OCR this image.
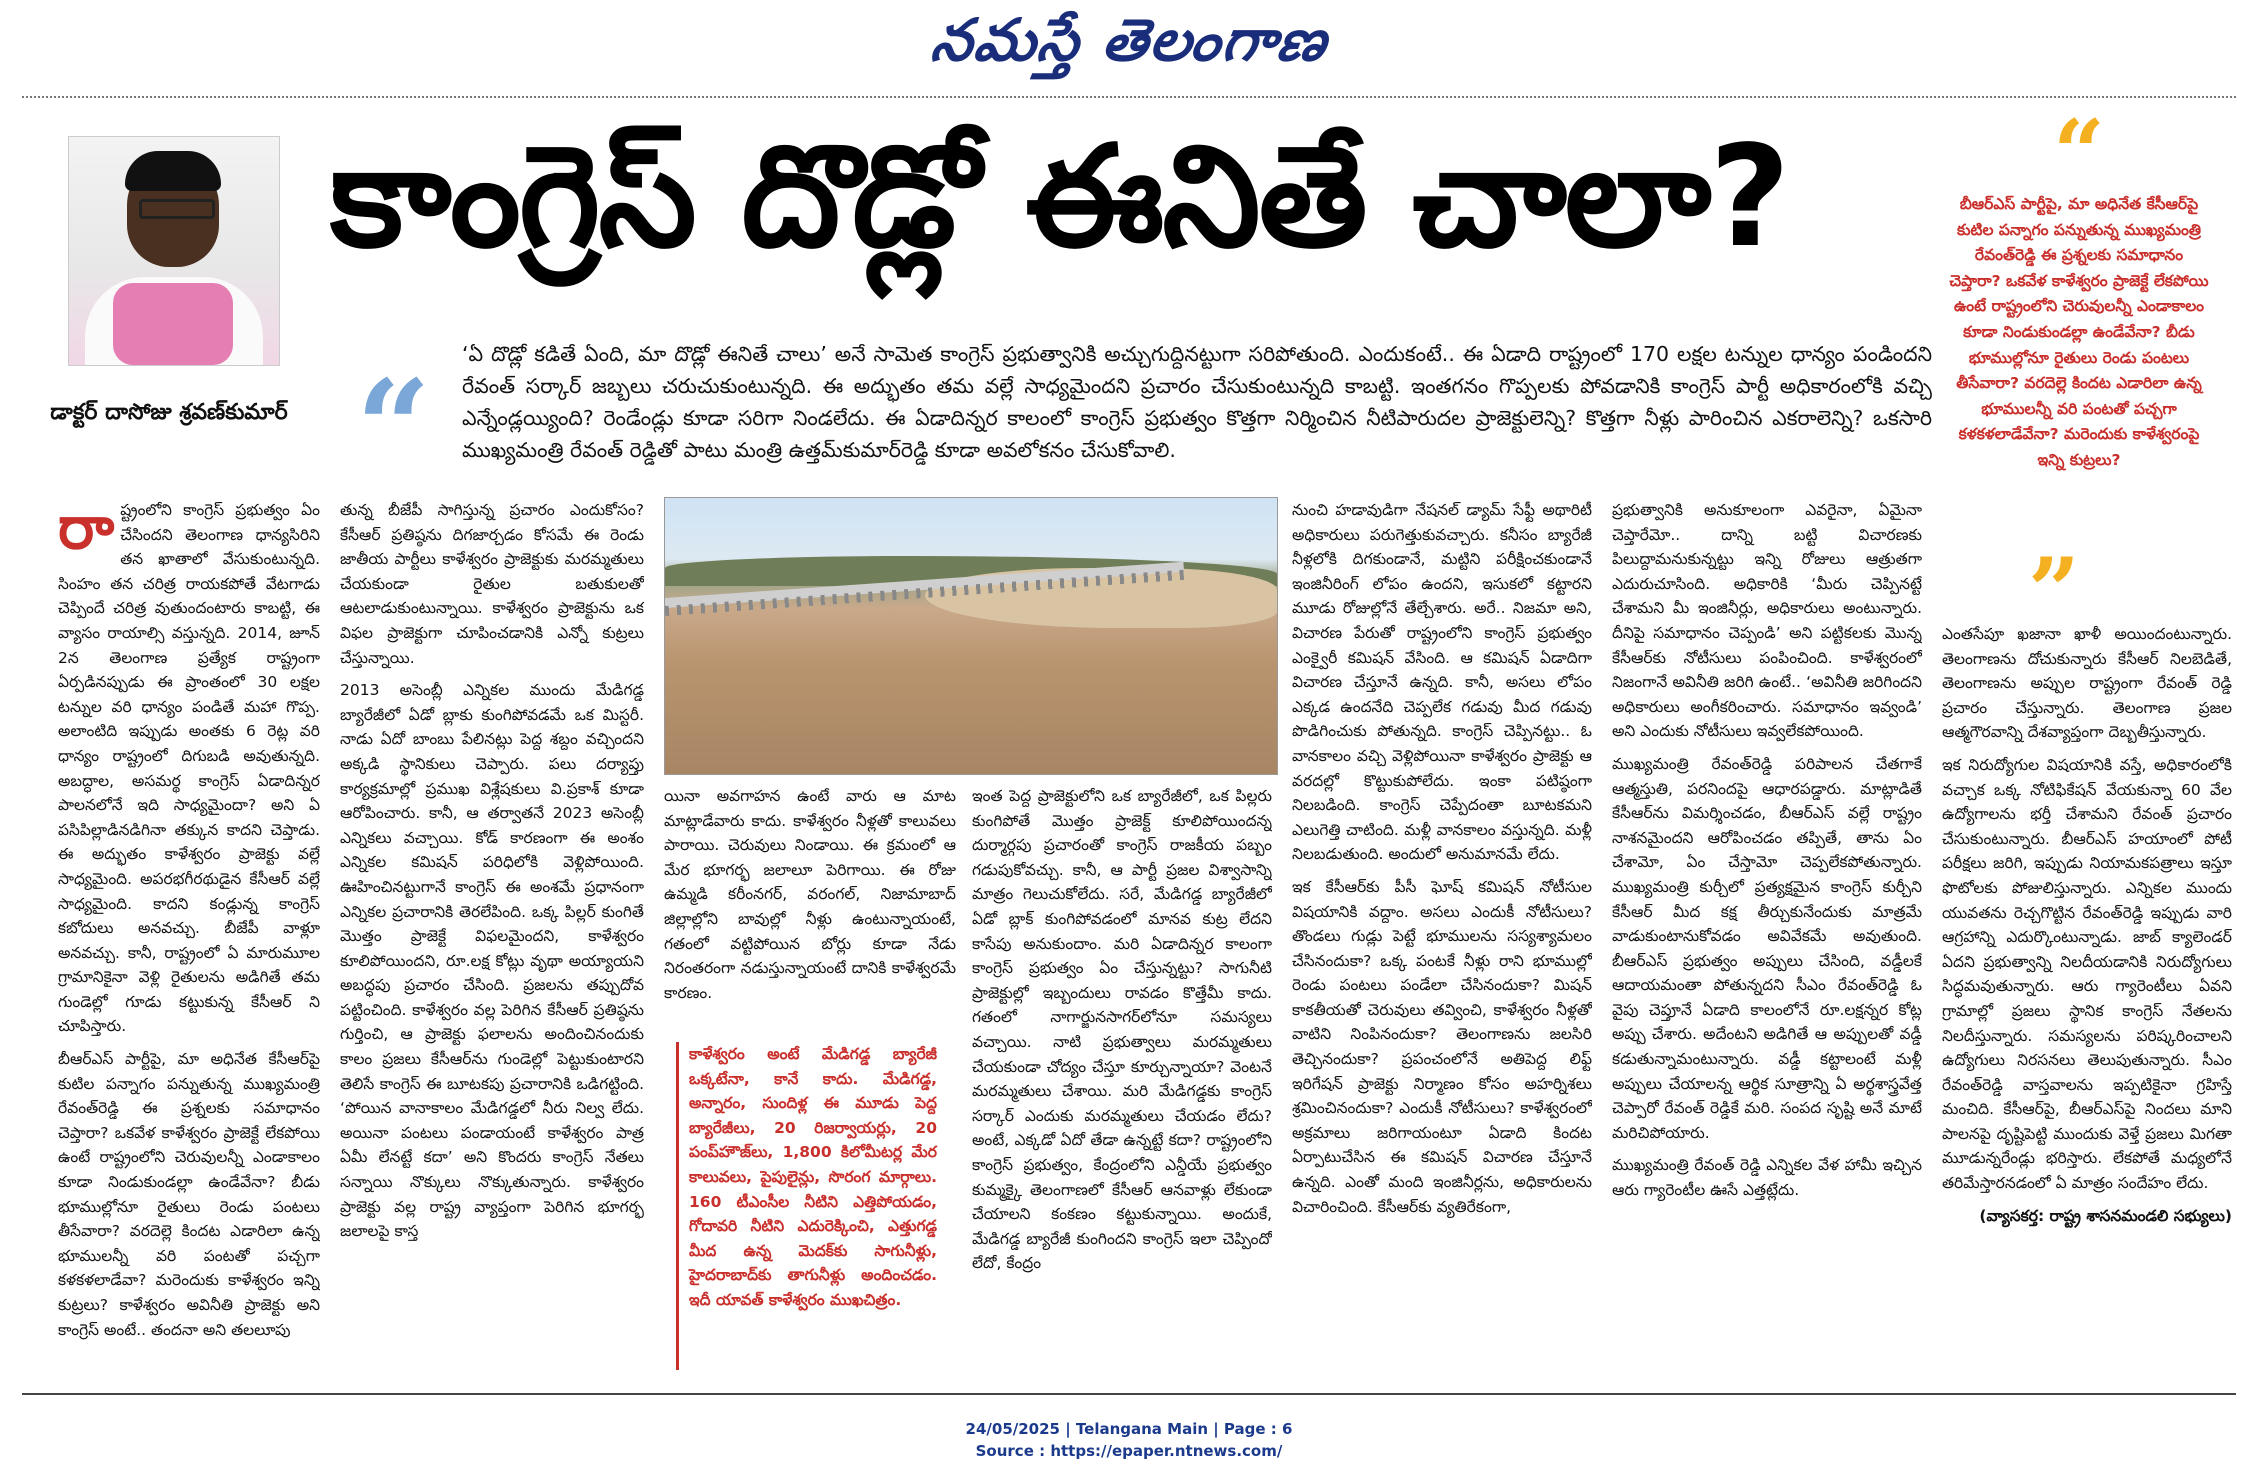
నమస్తే తెలంగాణ
డాక్టర్ దాసోజు శ్రవణ్‌కుమార్
కాంగ్రెస్ దొడ్లో ఈనితే చాలా?
“ ‘ఏ దొడ్లో కడితే ఏంది, మా దొడ్లో ఈనితే చాలు’ అనే సామెత కాంగ్రెస్ ప్రభుత్వానికి అచ్చుగుద్దినట్టుగా సరిపోతుంది. ఎందుకంటే.. ఈ ఏడాది రాష్ట్రంలో 170 లక్షల టన్నుల ధాన్యం పండిందని రేవంత్ సర్కార్ జబ్బలు చరుచుకుంటున్నది. ఈ అద్భుతం తమ వల్లే సాధ్యమైందని ప్రచారం చేసుకుంటున్నది కాబట్టి. ఇంతగనం గొప్పలకు పోవడానికి కాంగ్రెస్ పార్టీ అధికారంలోకి వచ్చి ఎన్నేండ్లయ్యింది? రెండేండ్లు కూడా సరిగా నిండలేదు. ఈ ఏడాదిన్నర కాలంలో కాంగ్రెస్ ప్రభుత్వం కొత్తగా నిర్మించిన నీటిపారుదల ప్రాజెక్టులెన్ని? కొత్తగా నీళ్లు పారించిన ఎకరాలెన్ని? ఒకసారి ముఖ్యమంత్రి రేవంత్ రెడ్డితో పాటు మంత్రి ఉత్తమ్‌కుమార్‌రెడ్డి కూడా అవలోకనం చేసుకోవాలి.

రాష్ట్రంలోని కాంగ్రెస్ ప్రభుత్వం ఏం చేసిందని తెలంగాణ ధాన్యసిరిని తన ఖాతాలో వేసుకుంటున్నది. సింహం తన చరిత్ర రాయకపోతే వేటగాడు చెప్పిందే చరిత్ర వుతుందంటారు కాబట్టి, ఈ వ్యాసం రాయాల్సి వస్తున్నది. 2014, జూన్ 2న తెలంగాణ ప్రత్యేక రాష్ట్రంగా ఏర్పడినప్పుడు ఈ ప్రాంతంలో 30 లక్షల టన్నుల వరి ధాన్యం పండితే మహా గొప్ప. అలాంటిది ఇప్పుడు అంతకు 6 రెట్ల వరి ధాన్యం రాష్ట్రంలో దిగుబడి అవుతున్నది. అబద్ధాల, అసమర్థ కాంగ్రెస్ ఏడాదిన్నర పాలనలోనే ఇది సాధ్యమైందా? అని ఏ పసిపిల్లాడినడిగినా తక్కున కాదని చెప్తాడు. ఈ అద్భుతం కాళేశ్వరం ప్రాజెక్టు వల్లే సాధ్యమైంది. అపరభగీరథుడైన కేసీఆర్ వల్లే సాధ్యమైంది. కాదని కండ్లున్న కాంగ్రెస్ కబోదులు అనవచ్చు. బీజేపీ వాళ్లూ అనవచ్చు. కానీ, రాష్ట్రంలో ఏ మారుమూల గ్రామానికైనా వెళ్లి రైతులను అడిగితే తమ గుండెల్లో గూడు కట్టుకున్న కేసీఆర్ ని చూపిస్తారు.

బీఆర్ఎస్ పార్టీపై, మా అధినేత కేసీఆర్‌పై కుటిల పన్నాగం పన్నుతున్న ముఖ్యమంత్రి రేవంత్‌రెడ్డి ఈ ప్రశ్నలకు సమాధానం చెప్తారా? ఒకవేళ కాళేశ్వరం ప్రాజెక్టే లేకపోయి ఉంటే రాష్ట్రంలోని చెరువులన్నీ ఎండాకాలం కూడా నిండుకుండల్లా ఉండేవేనా? బీడు భూముల్లోనూ రైతులు రెండు పంటలు తీసేవారా? వరదెల్లె కిందట ఎడారిలా ఉన్న భూములన్నీ వరి పంటతో పచ్చగా కళకళలాడేవా? మరెందుకు కాళేశ్వరం ఇన్ని కుట్రలు? కాళేశ్వరం అవినీతి ప్రాజెక్టు అని కాంగ్రెస్ అంటే.. తందనా అని తలలూపు

తున్న బీజేపీ సాగిస్తున్న ప్రచారం ఎందుకోసం? కేసీఆర్ ప్రతిష్ఠను దిగజార్చడం కోసమే ఈ రెండు జాతీయ పార్టీలు కాళేశ్వరం ప్రాజెక్టుకు మరమ్మతులు చేయకుండా రైతుల బతుకులతో ఆటలాడుకుంటున్నాయి. కాళేశ్వరం ప్రాజెక్టును ఒక విఫల ప్రాజెక్టుగా చూపించడానికి ఎన్నో కుట్రలు చేస్తున్నాయి.

2013 అసెంబ్లీ ఎన్నికల ముందు మేడిగడ్డ బ్యారేజీలో ఏడో బ్లాకు కుంగిపోవడమే ఒక మిస్టరీ. నాడు ఏదో బాంబు పేలినట్లు పెద్ద శబ్దం వచ్చిందని అక్కడి స్థానికులు చెప్పారు. పలు దర్యాప్తు కార్యక్రమాల్లో ప్రముఖ విశ్లేషకులు వి.ప్రకాశ్ కూడా ఆరోపించారు. కానీ, ఆ తర్వాతనే 2023 అసెంబ్లీ ఎన్నికలు వచ్చాయి. కోడ్ కారణంగా ఈ అంశం ఎన్నికల కమిషన్ పరిధిలోకి వెళ్లిపోయింది. ఊహించినట్టుగానే కాంగ్రెస్ ఈ అంశమే ప్రధానంగా ఎన్నికల ప్రచారానికి తెరలేపింది. ఒక్క పిల్లర్ కుంగితే మొత్తం ప్రాజెక్టే విఫలమైందని, కాళేశ్వరం కూలిపోయిందని, రూ.లక్ష కోట్లు వృథా అయ్యాయని అబద్ధపు ప్రచారం చేసింది. ప్రజలను తప్పుదోవ పట్టించింది. కాళేశ్వరం వల్ల పెరిగిన కేసీఆర్ ప్రతిష్ఠను గుర్తించి, ఆ ప్రాజెక్టు ఫలాలను అందించినందుకు కాలం ప్రజలు కేసీఆర్‌ను గుండెల్లో పెట్టుకుంటారని తెలిసే కాంగ్రెస్ ఈ బూటకపు ప్రచారానికి ఒడిగట్టింది. ‘పోయిన వానాకాలం మేడిగడ్డలో నీరు నిల్వ లేదు. అయినా పంటలు పండాయంటే కాళేశ్వరం పాత్ర ఏమీ లేనట్టే కదా’ అని కొందరు కాంగ్రెస్ నేతలు సన్నాయి నొక్కులు నొక్కుతున్నారు. కాళేశ్వరం ప్రాజెక్టు వల్ల రాష్ట్ర వ్యాప్తంగా పెరిగిన భూగర్భ జలాలపై కాస్త

యినా అవగాహన ఉంటే వారు ఆ మాట మాట్లాడేవారు కాదు. కాళేశ్వరం నీళ్లతో కాలువలు పారాయి. చెరువులు నిండాయి. ఈ క్రమంలో ఆ మేర భూగర్భ జలాలూ పెరిగాయి. ఈ రోజు ఉమ్మడి కరీంనగర్, వరంగల్, నిజామాబాద్ జిల్లాల్లోని బావుల్లో నీళ్లు ఉంటున్నాయంటే, గతంలో వట్టిపోయిన బోర్లు కూడా నేడు నిరంతరంగా నడుస్తున్నాయంటే దానికి కాళేశ్వరమే కారణం.

కాళేశ్వరం అంటే మేడిగడ్డ బ్యారేజీ ఒక్కటేనా, కానే కాదు. మేడిగడ్డ, అన్నారం, సుందిళ్ల ఈ మూడు పెద్ద బ్యారేజీలు, 20 రిజర్వాయర్లు, 20 పంప్‌హౌజ్‌లు, 1,800 కిలోమీటర్ల మేర కాలువలు, పైపులైన్లు, సొరంగ మార్గాలు. 160 టీఎంసీల నీటిని ఎత్తిపోయడం, గోదావరి నీటిని ఎదురెక్కించి, ఎత్తుగడ్డ మీద ఉన్న మెదక్‌కు సాగునీళ్లు, హైదరాబాద్‌కు తాగునీళ్లు అందించడం. ఇదీ యావత్ కాళేశ్వరం ముఖచిత్రం.

ఇంత పెద్ద ప్రాజెక్టులోని ఒక బ్యారేజీలో, ఒక పిల్లరు కుంగిపోతే మొత్తం ప్రాజెక్ట్ కూలిపోయిందన్న దుర్మార్గపు ప్రచారంతో కాంగ్రెస్ రాజకీయ పబ్బం గడుపుకోవచ్చు. కానీ, ఆ పార్టీ ప్రజల విశ్వాసాన్ని మాత్రం గెలుచుకోలేదు. సరే, మేడిగడ్డ బ్యారేజీలో ఏడో బ్లాక్ కుంగిపోవడంలో మానవ కుట్ర లేదని కాసేపు అనుకుందాం. మరి ఏడాదిన్నర కాలంగా కాంగ్రెస్ ప్రభుత్వం ఏం చేస్తున్నట్టు? సాగునీటి ప్రాజెక్టుల్లో ఇబ్బందులు రావడం కొత్తేమీ కాదు. గతంలో నాగార్జునసాగర్‌లోనూ సమస్యలు వచ్చాయి. నాటి ప్రభుత్వాలు మరమ్మతులు చేయకుండా చోద్యం చేస్తూ కూర్చున్నాయా? వెంటనే మరమ్మతులు చేశాయి. మరి మేడిగడ్డకు కాంగ్రెస్ సర్కార్ ఎందుకు మరమ్మతులు చేయడం లేదు? అంటే, ఎక్కడో ఏదో తేడా ఉన్నట్టే కదా? రాష్ట్రంలోని కాంగ్రెస్ ప్రభుత్వం, కేంద్రంలోని ఎన్డీయే ప్రభుత్వం కుమ్మక్కై తెలంగాణలో కేసీఆర్ ఆనవాళ్లు లేకుండా చేయాలని కంకణం కట్టుకున్నాయి. అందుకే, మేడిగడ్డ బ్యారేజీ కుంగిందని కాంగ్రెస్ ఇలా చెప్పిందో లేదో, కేంద్రం

నుంచి హడావుడిగా నేషనల్ డ్యామ్ సేఫ్టీ అథారిటీ అధికారులు పరుగెత్తుకువచ్చారు. కనీసం బ్యారేజీ నీళ్లలోకి దిగకుండానే, మట్టిని పరీక్షించకుండానే ఇంజినీరింగ్ లోపం ఉందని, ఇసుకలో కట్టారని మూడు రోజుల్లోనే తేల్చేశారు. అరే.. నిజమా అని, విచారణ పేరుతో రాష్ట్రంలోని కాంగ్రెస్ ప్రభుత్వం ఎంక్వైరీ కమిషన్ వేసింది. ఆ కమిషన్ ఏడాదిగా విచారణ చేస్తూనే ఉన్నది. కానీ, అసలు లోపం ఎక్కడ ఉందనేది చెప్పలేక గడువు మీద గడువు పొడిగించుకు పోతున్నది. కాంగ్రెస్ చెప్పినట్టు.. ఓ వానకాలం వచ్చి వెళ్లిపోయినా కాళేశ్వరం ప్రాజెక్టు ఆ వరదల్లో కొట్టుకుపోలేదు. ఇంకా పటిష్ఠంగా నిలబడింది. కాంగ్రెస్ చెప్పేదంతా బూటకమని ఎలుగెత్తి చాటింది. మళ్లీ వానకాలం వస్తున్నది. మళ్లీ నిలబడుతుంది. అందులో అనుమానమే లేదు.

ఇక కేసీఆర్‌కు పీసీ ఘోష్ కమిషన్ నోటీసుల విషయానికి వద్దాం. అసలు ఎందుకీ నోటీసులు? తొండలు గుడ్లు పెట్టే భూములను సస్యశ్యామలం చేసినందుకా? ఒక్క పంటకే నీళ్లు రాని భూముల్లో రెండు పంటలు పండేలా చేసినందుకా? మిషన్ కాకతీయతో చెరువులు తవ్వించి, కాళేశ్వరం నీళ్లతో వాటిని నింపినందుకా? తెలంగాణను జలసిరి తెచ్చినందుకా? ప్రపంచంలోనే అతిపెద్ద లిఫ్ట్ ఇరిగేషన్ ప్రాజెక్టు నిర్మాణం కోసం అహర్నిశలు శ్రమించినందుకా? ఎందుకీ నోటీసులు? కాళేశ్వరంలో అక్రమాలు జరిగాయంటూ ఏడాది కిందట ఏర్పాటుచేసిన ఈ కమిషన్ విచారణ చేస్తూనే ఉన్నది. ఎంతో మంది ఇంజినీర్లను, అధికారులను విచారించింది. కేసీఆర్‌కు వ్యతిరేకంగా,

ప్రభుత్వానికి అనుకూలంగా ఎవరైనా, ఏమైనా చెప్తారేమో.. దాన్ని బట్టి విచారణకు పిలుద్దామనుకున్నట్టు ఇన్ని రోజులు ఆత్రుతగా ఎదురుచూసింది. అధికారికి ‘మీరు చెప్పినట్టే చేశామని మీ ఇంజినీర్లు, అధికారులు అంటున్నారు. దీనిపై సమాధానం చెప్పండి’ అని పట్టికలకు మొన్న కేసీఆర్‌కు నోటీసులు పంపించింది. కాళేశ్వరంలో నిజంగానే అవినీతి జరిగి ఉంటే.. ‘అవినీతి జరిగిందని అధికారులు అంగీకరించారు. సమాధానం ఇవ్వండి’ అని ఎందుకు నోటీసులు ఇవ్వలేకపోయింది.

ముఖ్యమంత్రి రేవంత్‌రెడ్డి పరిపాలన చేతగాకే ఆత్మస్తుతి, పరనిందపై ఆధారపడ్డారు. మాట్లాడితే కేసీఆర్‌ను విమర్శించడం, బీఆర్ఎస్ వల్లే రాష్ట్రం నాశనమైందని ఆరోపించడం తప్పితే, తాను ఏం చేశామో, ఏం చేస్తామో చెప్పలేకపోతున్నారు. ముఖ్యమంత్రి కుర్చీలో ప్రత్యక్షమైన కాంగ్రెస్ కుర్చీని కేసీఆర్ మీద కక్ష తీర్చుకునేందుకు మాత్రమే వాడుకుంటానుకోవడం అవివేకమే అవుతుంది. బీఆర్ఎస్ ప్రభుత్వం అప్పులు చేసింది, వడ్డీలకే ఆదాయమంతా పోతున్నదని సీఎం రేవంత్‌రెడ్డి ఓ వైపు చెప్తూనే ఏడాది కాలంలోనే రూ.లక్షన్నర కోట్ల అప్పు చేశారు. అదేంటని అడిగితే ఆ అప్పులతో వడ్డీ కడుతున్నామంటున్నారు. వడ్డీ కట్టాలంటే మళ్లీ అప్పులు చేయాలన్న ఆర్థిక సూత్రాన్ని ఏ అర్థశాస్త్రవేత్త చెప్పారో రేవంత్ రెడ్డికే మరి. సంపద సృష్టి అనే మాటే మరిచిపోయారు.

ముఖ్యమంత్రి రేవంత్ రెడ్డి ఎన్నికల వేళ హామీ ఇచ్చిన ఆరు గ్యారెంటీల ఊసే ఎత్తట్లేదు.

“
బీఆర్ఎస్ పార్టీపై, మా అధినేత కేసీఆర్‌పై కుటిల పన్నాగం పన్నుతున్న ముఖ్యమంత్రి రేవంత్‌రెడ్డి ఈ ప్రశ్నలకు సమాధానం చెప్తారా? ఒకవేళ కాళేశ్వరం ప్రాజెక్టే లేకపోయి ఉంటే రాష్ట్రంలోని చెరువులన్నీ ఎండాకాలం కూడా నిండుకుండల్లా ఉండేవేనా? బీడు భూముల్లోనూ రైతులు రెండు పంటలు తీసేవారా? వరదెల్లె కిందట ఎడారిలా ఉన్న భూములన్నీ వరి పంటతో పచ్చగా కళకళలాడేవేనా? మరెందుకు కాళేశ్వరంపై ఇన్ని కుట్రలు?
”

ఎంతసేపూ ఖజానా ఖాళీ అయిందంటున్నారు. తెలంగాణను దోచుకున్నారు కేసీఆర్ నిలబెడితే, తెలంగాణను అప్పుల రాష్ట్రంగా రేవంత్ రెడ్డి ప్రచారం చేస్తున్నారు. తెలంగాణ ప్రజల ఆత్మగౌరవాన్ని దేశవ్యాప్తంగా దెబ్బతీస్తున్నారు.

ఇక నిరుద్యోగుల విషయానికి వస్తే, అధికారంలోకి వచ్చాక ఒక్క నోటిఫికేషన్ వేయకున్నా 60 వేల ఉద్యోగాలను భర్తీ చేశామని రేవంత్ ప్రచారం చేసుకుంటున్నారు. బీఆర్ఎస్ హయాంలో పోటీ పరీక్షలు జరిగి, ఇప్పుడు నియామకపత్రాలు ఇస్తూ ఫొటోలకు పోజులిస్తున్నారు. ఎన్నికల ముందు యువతను రెచ్చగొట్టిన రేవంత్‌రెడ్డి ఇప్పుడు వారి ఆగ్రహాన్ని ఎదుర్కొంటున్నాడు. జాబ్ క్యాలెండర్ ఏదని ప్రభుత్వాన్ని నిలదీయడానికి నిరుద్యోగులు సిద్ధమవుతున్నారు. ఆరు గ్యారెంటీలు ఏవని గ్రామాల్లో ప్రజలు స్థానిక కాంగ్రెస్ నేతలను నిలదీస్తున్నారు. సమస్యలను పరిష్కరించాలని ఉద్యోగులు నిరసనలు తెలుపుతున్నారు. సీఎం రేవంత్‌రెడ్డి వాస్తవాలను ఇప్పటికైనా గ్రహిస్తే మంచిది. కేసీఆర్‌పై, బీఆర్ఎస్‌పై నిందలు మాని పాలనపై దృష్టిపెట్టి ముందుకు వెళ్తే ప్రజలు మిగతా మూడున్నరేండ్లు భరిస్తారు. లేకపోతే మధ్యలోనే తరిమేస్తారనడంలో ఏ మాత్రం సందేహం లేదు.

(వ్యాసకర్త: రాష్ట్ర శాసనమండలి సభ్యులు)

24/05/2025 | Telangana Main | Page : 6
Source : https://epaper.ntnews.com/
